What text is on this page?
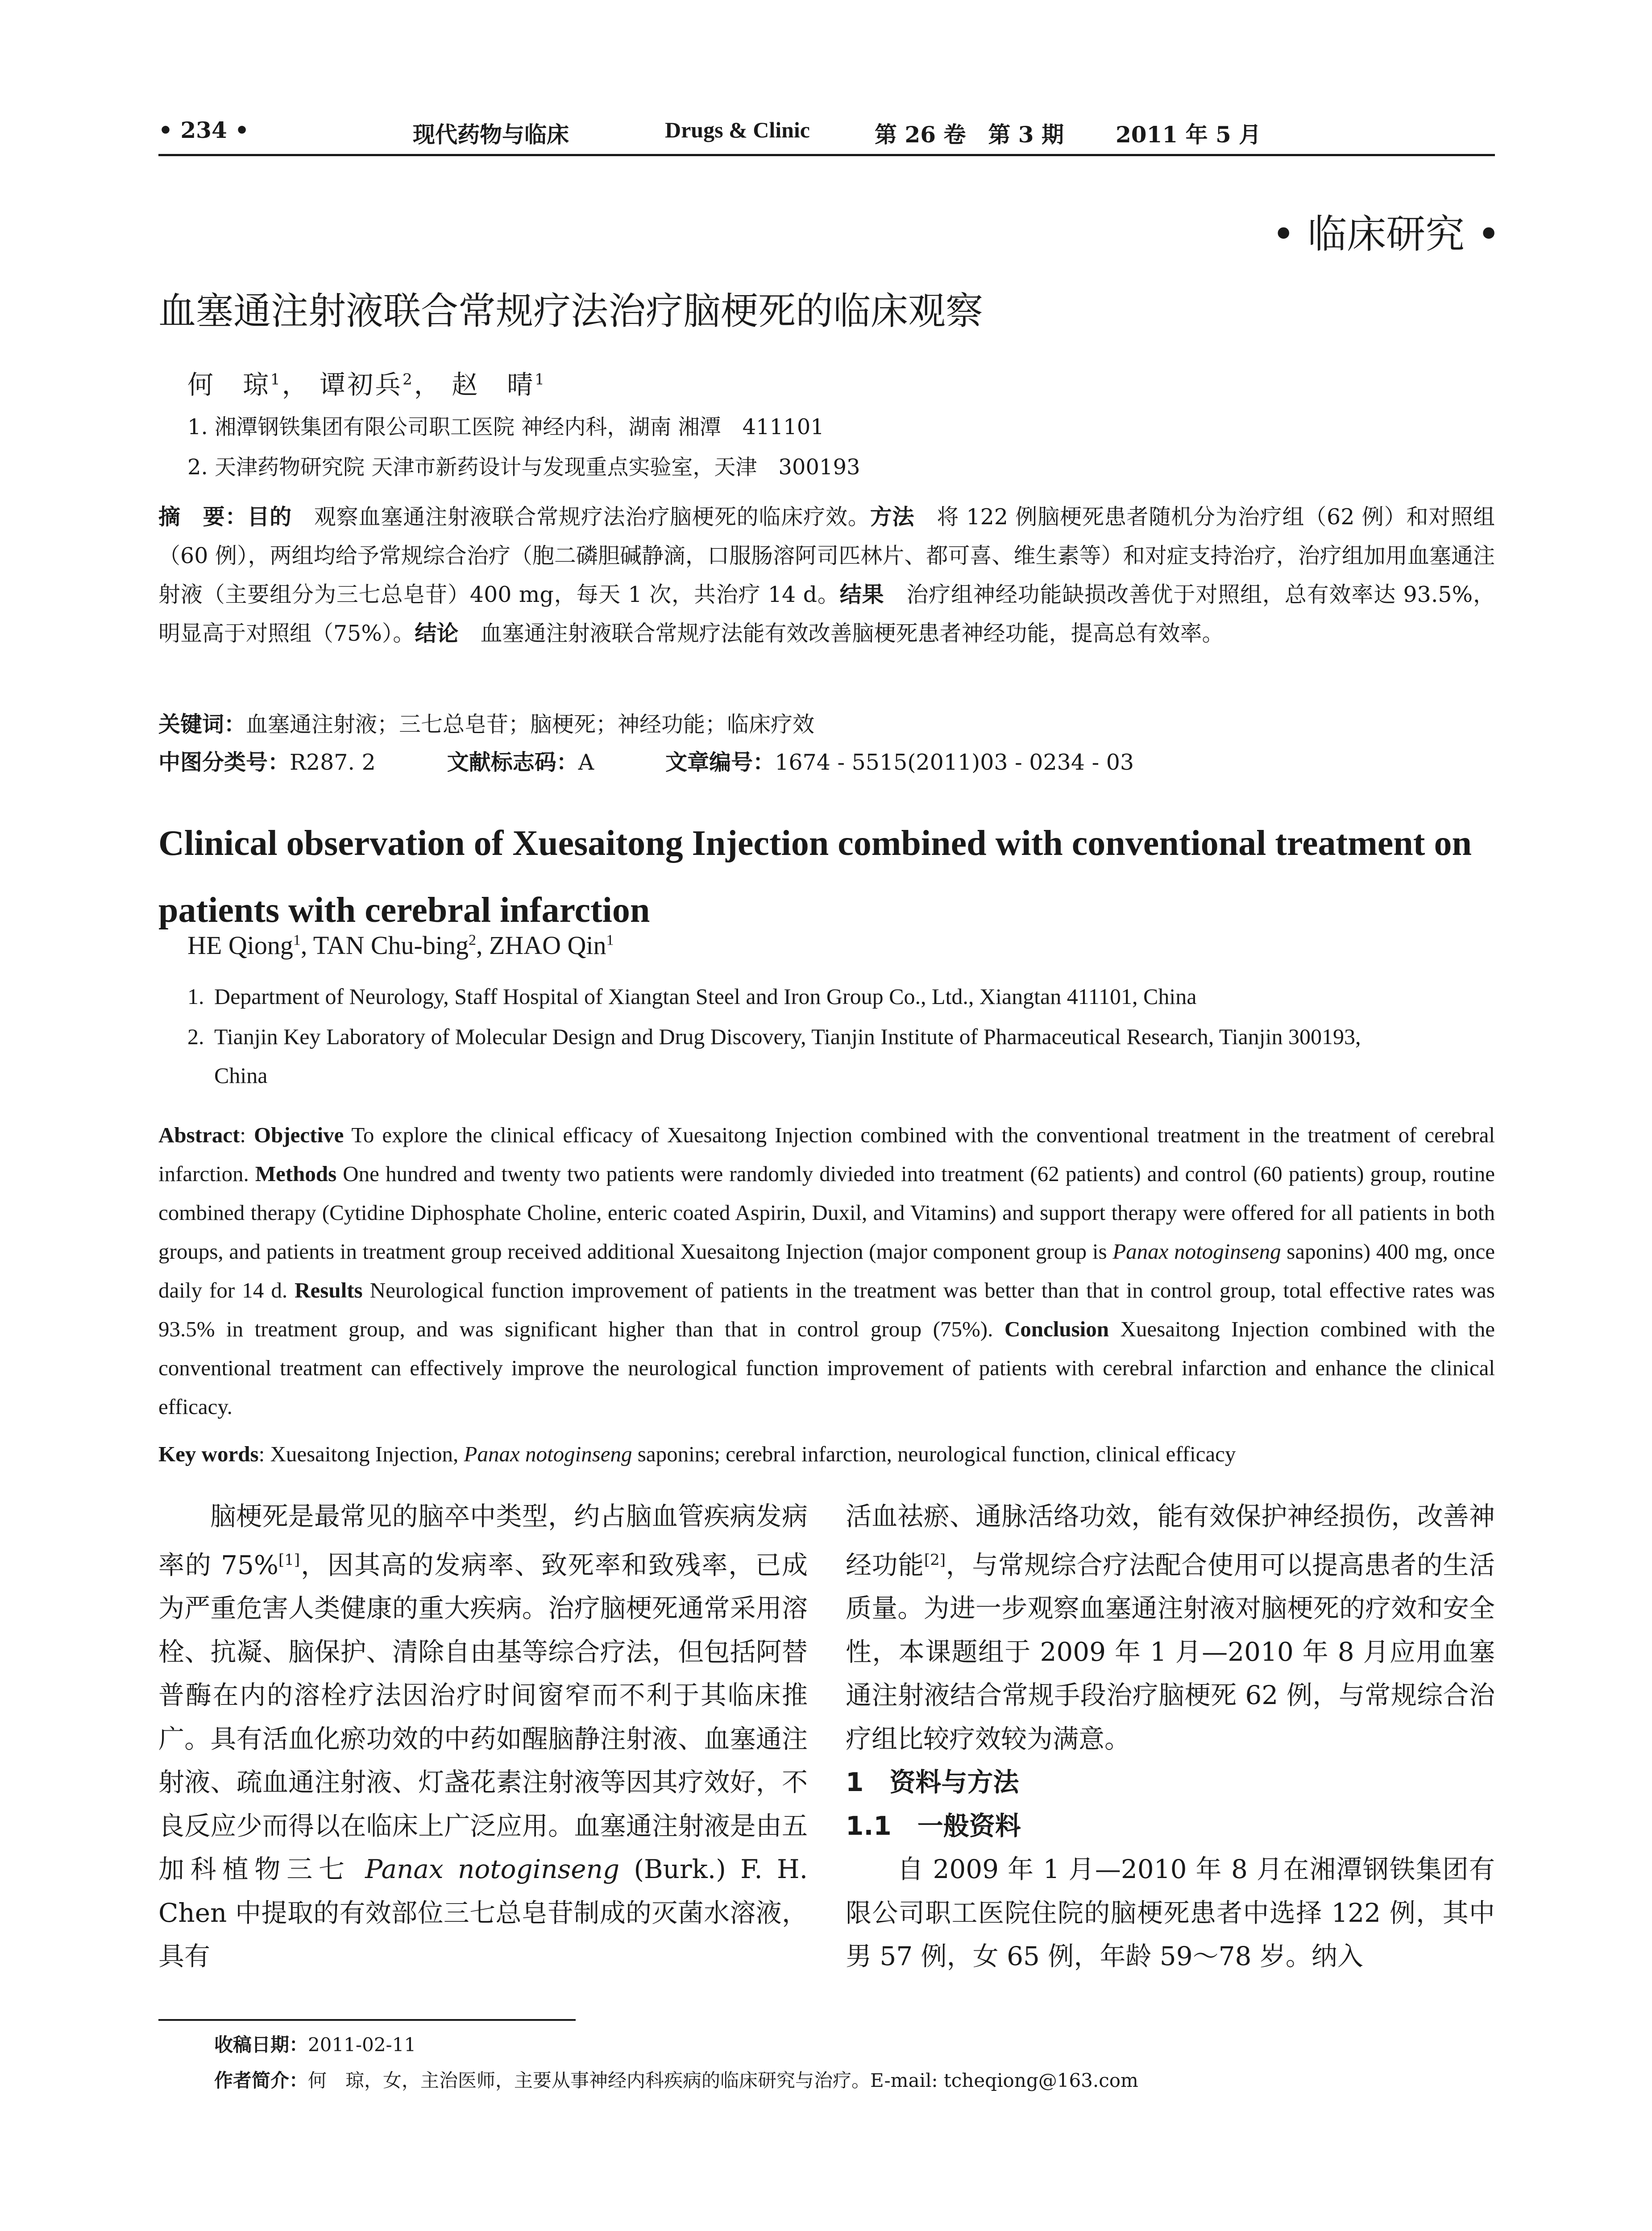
• 234 •	现代药物与临床	Drugs & Clinic	第 26 卷　第 3 期 2011 年 5 月
• 临床研究 •
血塞通注射液联合常规疗法治疗脑梗死的临床观察
何　琼$^1$， 谭初兵$^2$， 赵　晴$^1$
1. 湘潭钢铁集团有限公司职工医院 神经内科，湖南 湘潭　411101
2. 天津药物研究院 天津市新药设计与发现重点实验室，天津　300193
摘　要：目的　观察血塞通注射液联合常规疗法治疗脑梗死的临床疗效。方法　将 122 例脑梗死患者随机分为治疗组（62 例）和对照组（60 例），两组均给予常规综合治疗（胞二磷胆碱静滴，口服肠溶阿司匹林片、都可喜、维生素等）和对症支持治疗，治疗组加用血塞通注射液（主要组分为三七总皂苷）400 mg，每天 1 次，共治疗 14 d。结果　治疗组神经功能缺损改善优于对照组，总有效率达 93.5%，明显高于对照组（75%）。结论　血塞通注射液联合常规疗法能有效改善脑梗死患者神经功能，提高总有效率。
关键词：血塞通注射液；三七总皂苷；脑梗死；神经功能；临床疗效
中图分类号：R287. 2	文献标志码：A	文章编号：1674 - 5515(2011)03 - 0234 - 03
Clinical observation of Xuesaitong Injection combined with conventional treatment on patients with cerebral infarction
HE Qiong$^1$, TAN Chu-bing$^2$, ZHAO Qin$^1$
1. Department of Neurology, Staff Hospital of Xiangtan Steel and Iron Group Co., Ltd., Xiangtan 411101, China
2. Tianjin Key Laboratory of Molecular Design and Drug Discovery, Tianjin Institute of Pharmaceutical Research, Tianjin 300193,
China
Abstract: Objective To explore the clinical efficacy of Xuesaitong Injection combined with the conventional treatment in the treatment of cerebral infarction. Methods One hundred and twenty two patients were randomly divieded into treatment (62 patients) and control (60 patients) group, routine combined therapy (Cytidine Diphosphate Choline, enteric coated Aspirin, Duxil, and Vitamins) and support therapy were offered for all patients in both groups, and patients in treatment group received additional Xuesaitong Injection (major component group is Panax notoginseng saponins) 400 mg, once daily for 14 d. Results Neurological function improvement of patients in the treatment was better than that in control group, total effective rates was 93.5% in treatment group, and was significant higher than that in control group (75%). Conclusion Xuesaitong Injection combined with the conventional treatment can effectively improve the neurological function improvement of patients with cerebral infarction and enhance the clinical efficacy.
Key words: Xuesaitong Injection, Panax notoginseng saponins; cerebral infarction, neurological function, clinical efficacy

脑梗死是最常见的脑卒中类型，约占脑血管疾病发病率的 75%[1]，因其高的发病率、致死率和致残率，已成为严重危害人类健康的重大疾病。治疗脑梗死通常采用溶栓、抗凝、脑保护、清除自由基等综合疗法，但包括阿替普酶在内的溶栓疗法因治疗时间窗窄而不利于其临床推广。具有活血化瘀功效的中药如醒脑静注射液、血塞通注射液、疏血通注射液、灯盏花素注射液等因其疗效好，不良反应少而得以在临床上广泛应用。血塞通注射液是由五加科植物三七 Panax notoginseng (Burk.) F. H. Chen 中提取的有效部位三七总皂苷制成的灭菌水溶液，具有

活血祛瘀、通脉活络功效，能有效保护神经损伤，改善神经功能[2]，与常规综合疗法配合使用可以提高患者的生活质量。为进一步观察血塞通注射液对脑梗死的疗效和安全性，本课题组于 2009 年 1 月—2010 年 8 月应用血塞通注射液结合常规手段治疗脑梗死 62 例，与常规综合治疗组比较疗效较为满意。

1　资料与方法

1.1　一般资料

自 2009 年 1 月—2010 年 8 月在湘潭钢铁集团有限公司职工医院住院的脑梗死患者中选择 122 例，其中男 57 例，女 65 例，年龄 59～78 岁。纳入

收稿日期：2011-02-11
作者简介：何　琼，女，主治医师，主要从事神经内科疾病的临床研究与治疗。E-mail: tcheqiong@163.com
